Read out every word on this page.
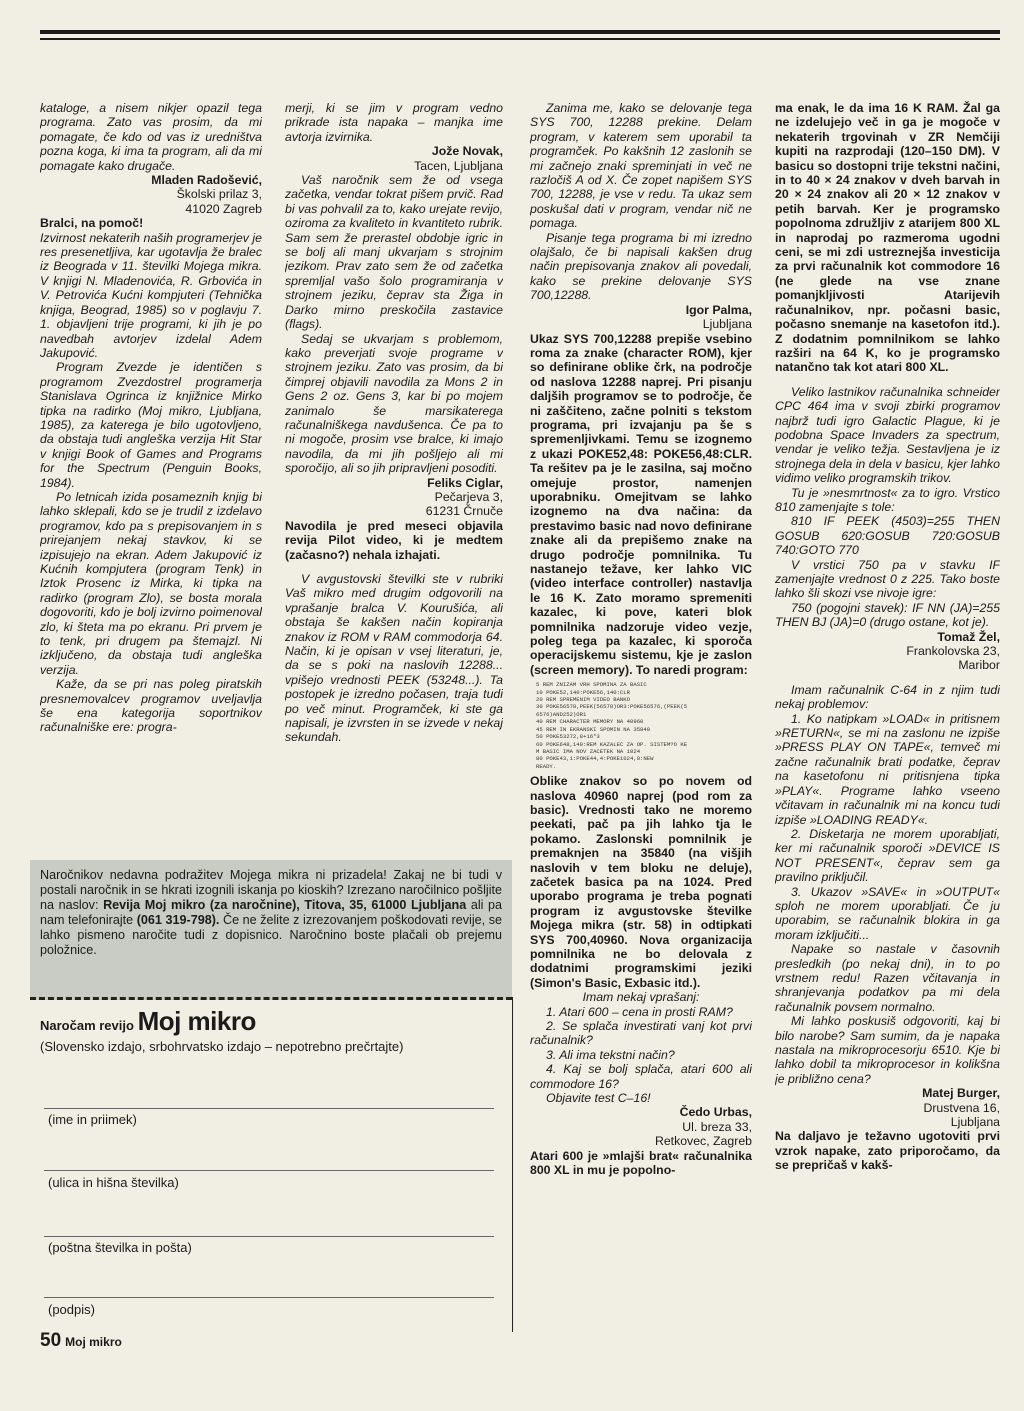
kataloge, a nisem nikjer opazil tega programa. Zato vas prosim, da mi pomagate, če kdo od vas iz uredništva pozna koga, ki ima ta program, ali da mi pomagate kako drugače.

Mladen Radošević,
Školski prilaz 3,
41020 Zagreb

Bralci, na pomoč!

Izvirnost nekaterih naših programerjev je res presenetljiva, kar ugotavlja že bralec iz Beograda v 11. številki Mojega mikra. V knjigi N. Mladenovića, R. Grbovića in V. Petrovića Kućni kompjuteri (Tehnička knjiga, Beograd, 1985) so v poglavju 7. 1. objavljeni trije programi, ki jih je po navedbah avtorjev izdelal Adem Jakupović.

Program Zvezde je identičen s programom Zvezdostrel programerja Stanislava Ogrinca iz knjižnice Mirko tipka na radirko (Moj mikro, Ljubljana, 1985), za katerega je bilo ugotovljeno, da obstaja tudi angleška verzija Hit Star v knjigi Book of Games and Programs for the Spectrum (Penguin Books, 1984).

Po letnicah izida posameznih knjig bi lahko sklepali, kdo se je trudil z izdelavo programov, kdo pa s prepisovanjem in s prirejanjem nekaj stavkov, ki se izpisujejo na ekran. Adem Jakupović iz Kućnih kompjutera (program Tenk) in Iztok Prosenc iz Mirka, ki tipka na radirko (program Zlo), se bosta morala dogovoriti, kdo je bolj izvirno poimenoval zlo, ki šteta ma po ekranu. Pri prvem je to tenk, pri drugem pa štemajzl. Ni izključeno, da obstaja tudi angleška verzija.

Kaže, da se pri nas poleg piratskih presnemovalcev programov uveljavlja še ena kategorija soportnikov računalniške ere: progra-

merji, ki se jim v program vedno prikrade ista napaka – manjka ime avtorja izvirnika.

Jože Novak,
Tacen, Ljubljana

Vaš naročnik sem že od vsega začetka, vendar tokrat pišem prvič. Rad bi vas pohvalil za to, kako urejate revijo, oziroma za kvaliteto in kvantiteto rubrik. Sam sem že prerastel obdobje igric in se bolj ali manj ukvarjam s strojnim jezikom. Prav zato sem že od začetka spremljal vašo šolo programiranja v strojnem jeziku, čeprav sta Žiga in Darko mirno preskočila zastavice (flags).

Sedaj se ukvarjam s problemom, kako preverjati svoje programe v strojnem jeziku. Zato vas prosim, da bi čimprej objavili navodila za Mons 2 in Gens 2 oz. Gens 3, kar bi po mojem zanimalo še marsikaterega računalniškega navdušenca. Če pa to ni mogoče, prosim vse bralce, ki imajo navodila, da mi jih pošljejo ali mi sporočijo, ali so jih pripravljeni posoditi.

Feliks Ciglar,
Pečarjeva 3,
61231 Črnuče

Navodila je pred meseci objavila revija Pilot video, ki je medtem (začasno?) nehala izhajati.

V avgustovski številki ste v rubriki Vaš mikro med drugim odgovorili na vprašanje bralca V. Kourušića, ali obstaja še kakšen način kopiranja znakov iz ROM v RAM commodorja 64. Način, ki je opisan v vsej literaturi, je, da se s poki na naslovih 12288... vpišejo vrednosti PEEK (53248...). Ta postopek je izredno počasen, traja tudi po več minut. Programček, ki ste ga napisali, je izvrsten in se izvede v nekaj sekundah.

Zanima me, kako se delovanje tega SYS 700, 12288 prekine. Delam program, v katerem sem uporabil ta programček. Po kakšnih 12 zaslonih se mi začnejo znaki spreminjati in več ne razločiš A od X. Če zopet napišem SYS 700, 12288, je vse v redu. Ta ukaz sem poskušal dati v program, vendar nič ne pomaga.

Pisanje tega programa bi mi izredno olajšalo, če bi napisali kakšen drug način prepisovanja znakov ali povedali, kako se prekine delovanje SYS 700,12288.

Igor Palma,
Ljubljana

Ukaz SYS 700,12288 prepiše vsebino roma za znake (character ROM), kjer so definirane oblike črk, na področje od naslova 12288 naprej. Pri pisanju daljših programov se to področje, če ni zaščiteno, začne polniti s tekstom programa, pri izvajanju pa še s spremenljivkami. Temu se izognemo z ukazi POKE52,48: POKE56,48:CLR. Ta rešitev pa je le zasilna, saj močno omejuje prostor, namenjen uporabniku. Omejitvam se lahko izognemo na dva načina: da prestavimo basic nad novo definirane znake ali da prepišemo znake na drugo področje pomnilnika. Tu nastanejo težave, ker lahko VIC (video interface controller) nastavlja le 16 K. Zato moramo spremeniti kazalec, ki pove, kateri blok pomnilnika nadzoruje video vezje, poleg tega pa kazalec, ki sporoča operacijskemu sistemu, kje je zaslon (screen memory). To naredi program:

5 REM ZNIZAM VRH SPOMINA ZA BASIC
10 POKE52,140:POKE56,140:CLR
20 REM SPREMENIM VIDEO BANKO
30 POKE56578,PEEK(56578)OR3:POKE56576,(PEEK(5
6576)AND252)OR1
40 REM CHARACTER MEMORY NA 40960
45 REM IN EKRANSKI SPOMIN NA 35840
50 POKE53272,8+16*3
60 POKE648,140:REM KAZALEC ZA OP. SISTEM?O KE
M BASIC IMA NOV ZACETEK NA 1024
80 POKE43,1:POKE44,4:POKE1024,0:NEW
READY.

Oblike znakov so po novem od naslova 40960 naprej (pod rom za basic). Vrednosti tako ne moremo peekati, pač pa jih lahko tja le pokamo. Zaslonski pomnilnik je premaknjen na 35840 (na višjih naslovih v tem bloku ne deluje), začetek basica pa na 1024. Pred uporabo programa je treba pognati program iz avgustovske številke Mojega mikra (str. 58) in odtipkati SYS 700,40960. Nova organizacija pomnilnika ne bo delovala z dodatnimi programskimi jeziki (Simon's Basic, Exbasic itd.).

Imam nekaj vprašanj:

1. Atari 600 – cena in prosti RAM?

2. Se splača investirati vanj kot prvi računalnik?

3. Ali ima tekstni način?

4. Kaj se bolj splača, atari 600 ali commodore 16?

Objavite test C–16!

Čedo Urbas,
Ul. breza 33,
Retkovec, Zagreb

Atari 600 je »mlajši brat« računalnika 800 XL in mu je popolno-

ma enak, le da ima 16 K RAM. Žal ga ne izdelujejo več in ga je mogoče v nekaterih trgovinah v ZR Nemčiji kupiti na razprodaji (120–150 DM). V basicu so dostopni trije tekstni načini, in to 40 × 24 znakov v dveh barvah in 20 × 24 znakov ali 20 × 12 znakov v petih barvah. Ker je programsko popolnoma združljiv z atarijem 800 XL in naprodaj po razmeroma ugodni ceni, se mi zdi ustreznejša investicija za prvi računalnik kot commodore 16 (ne glede na vse znane pomanjkljivosti Atarijevih računalnikov, npr. počasni basic, počasno snemanje na kasetofon itd.). Z dodatnim pomnilnikom se lahko razširi na 64 K, ko je programsko natančno tak kot atari 800 XL.

Veliko lastnikov računalnika schneider CPC 464 ima v svoji zbirki programov najbrž tudi igro Galactic Plague, ki je podobna Space Invaders za spectrum, vendar je veliko težja. Sestavljena je iz strojnega dela in dela v basicu, kjer lahko vidimo veliko programskih trikov.

Tu je »nesmrtnost« za to igro. Vrstico 810 zamenjajte s tole:

810 IF PEEK (4503)=255 THEN GOSUB 620:GOSUB 720:GOSUB 740:GOTO 770

V vrstici 750 pa v stavku IF zamenjajte vrednost 0 z 225. Tako boste lahko šli skozi vse nivoje igre:

750 (pogojni stavek): IF NN (JA)=255 THEN BJ (JA)=0 (drugo ostane, kot je).

Tomaž Žel,
Frankolovska 23,
Maribor

Imam računalnik C-64 in z njim tudi nekaj problemov:

1. Ko natipkam »LOAD« in pritisnem »RETURN«, se mi na zaslonu ne izpiše »PRESS PLAY ON TAPE«, temveč mi začne računalnik brati podatke, čeprav na kasetofonu ni pritisnjena tipka »PLAY«. Programe lahko vseeno včitavam in računalnik mi na koncu tudi izpiše »LOADING READY«.

2. Disketarja ne morem uporabljati, ker mi računalnik sporoči »DEVICE IS NOT PRESENT«, čeprav sem ga pravilno priključil.

3. Ukazov »SAVE« in »OUTPUT« sploh ne morem uporabljati. Če ju uporabim, se računalnik blokira in ga moram izključiti...

Napake so nastale v časovnih presledkih (po nekaj dni), in to po vrstnem redu! Razen včitavanja in shranjevanja podatkov pa mi dela računalnik povsem normalno.

Mi lahko poskusiš odgovoriti, kaj bi bilo narobe? Sam sumim, da je napaka nastala na mikroprocesorju 6510. Kje bi lahko dobil ta mikroprocesor in kolikšna je približno cena?

Matej Burger,
Drustvena 16,
Ljubljana

Na daljavo je težavno ugotoviti prvi vzrok napake, zato priporočamo, da se prepričaš v kakš-

Naročnikov nedavna podražitev Mojega mikra ni prizadela! Zakaj ne bi tudi v postali naročnik in se hkrati izognili iskanja po kioskih? Izrezano naročilnico pošljite na naslov: Revija Moj mikro (za naročnine), Titova, 35, 61000 Ljubljana ali pa nam telefonirajte (061 319-798). Če ne želite z izrezovanjem poškodovati revije, se lahko pismeno naročite tudi z dopisnico. Naročnino boste plačali ob prejemu položnice.
Naročam revijo Moj mikro
(Slovensko izdajo, srbohrvatsko izdajo – nepotrebno prečrtajte)
(ime in priimek)
(ulica in hišna številka)
(poštna številka in pošta)
(podpis)
50 Moj mikro
